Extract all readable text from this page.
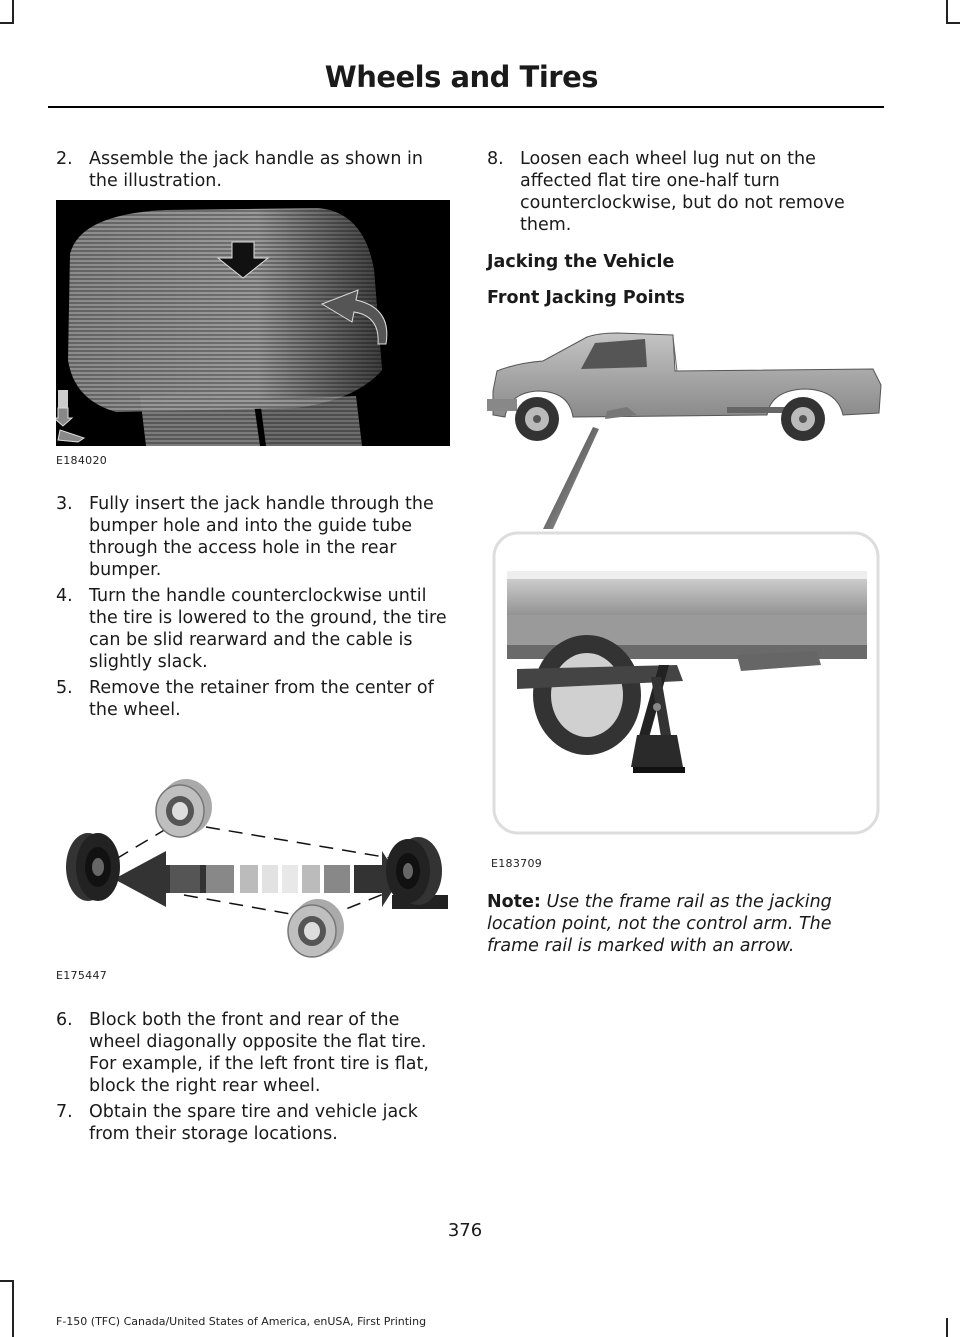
Wheels and Tires
2. Assemble the jack handle as shown in the illustration.
E184020
3. Fully insert the jack handle through the bumper hole and into the guide tube through the access hole in the rear bumper.
4. Turn the handle counterclockwise until the tire is lowered to the ground, the tire can be slid rearward and the cable is slightly slack.
5. Remove the retainer from the center of the wheel.
E175447
6. Block both the front and rear of the wheel diagonally opposite the flat tire. For example, if the left front tire is flat, block the right rear wheel.
7. Obtain the spare tire and vehicle jack from their storage locations.
8. Loosen each wheel lug nut on the affected flat tire one-half turn counterclockwise, but do not remove them.

Jacking the Vehicle

Front Jacking Points

E183709
Note: Use the frame rail as the jacking location point, not the control arm. The frame rail is marked with an arrow.
376
F-150 (TFC) Canada/United States of America, enUSA, First Printing
